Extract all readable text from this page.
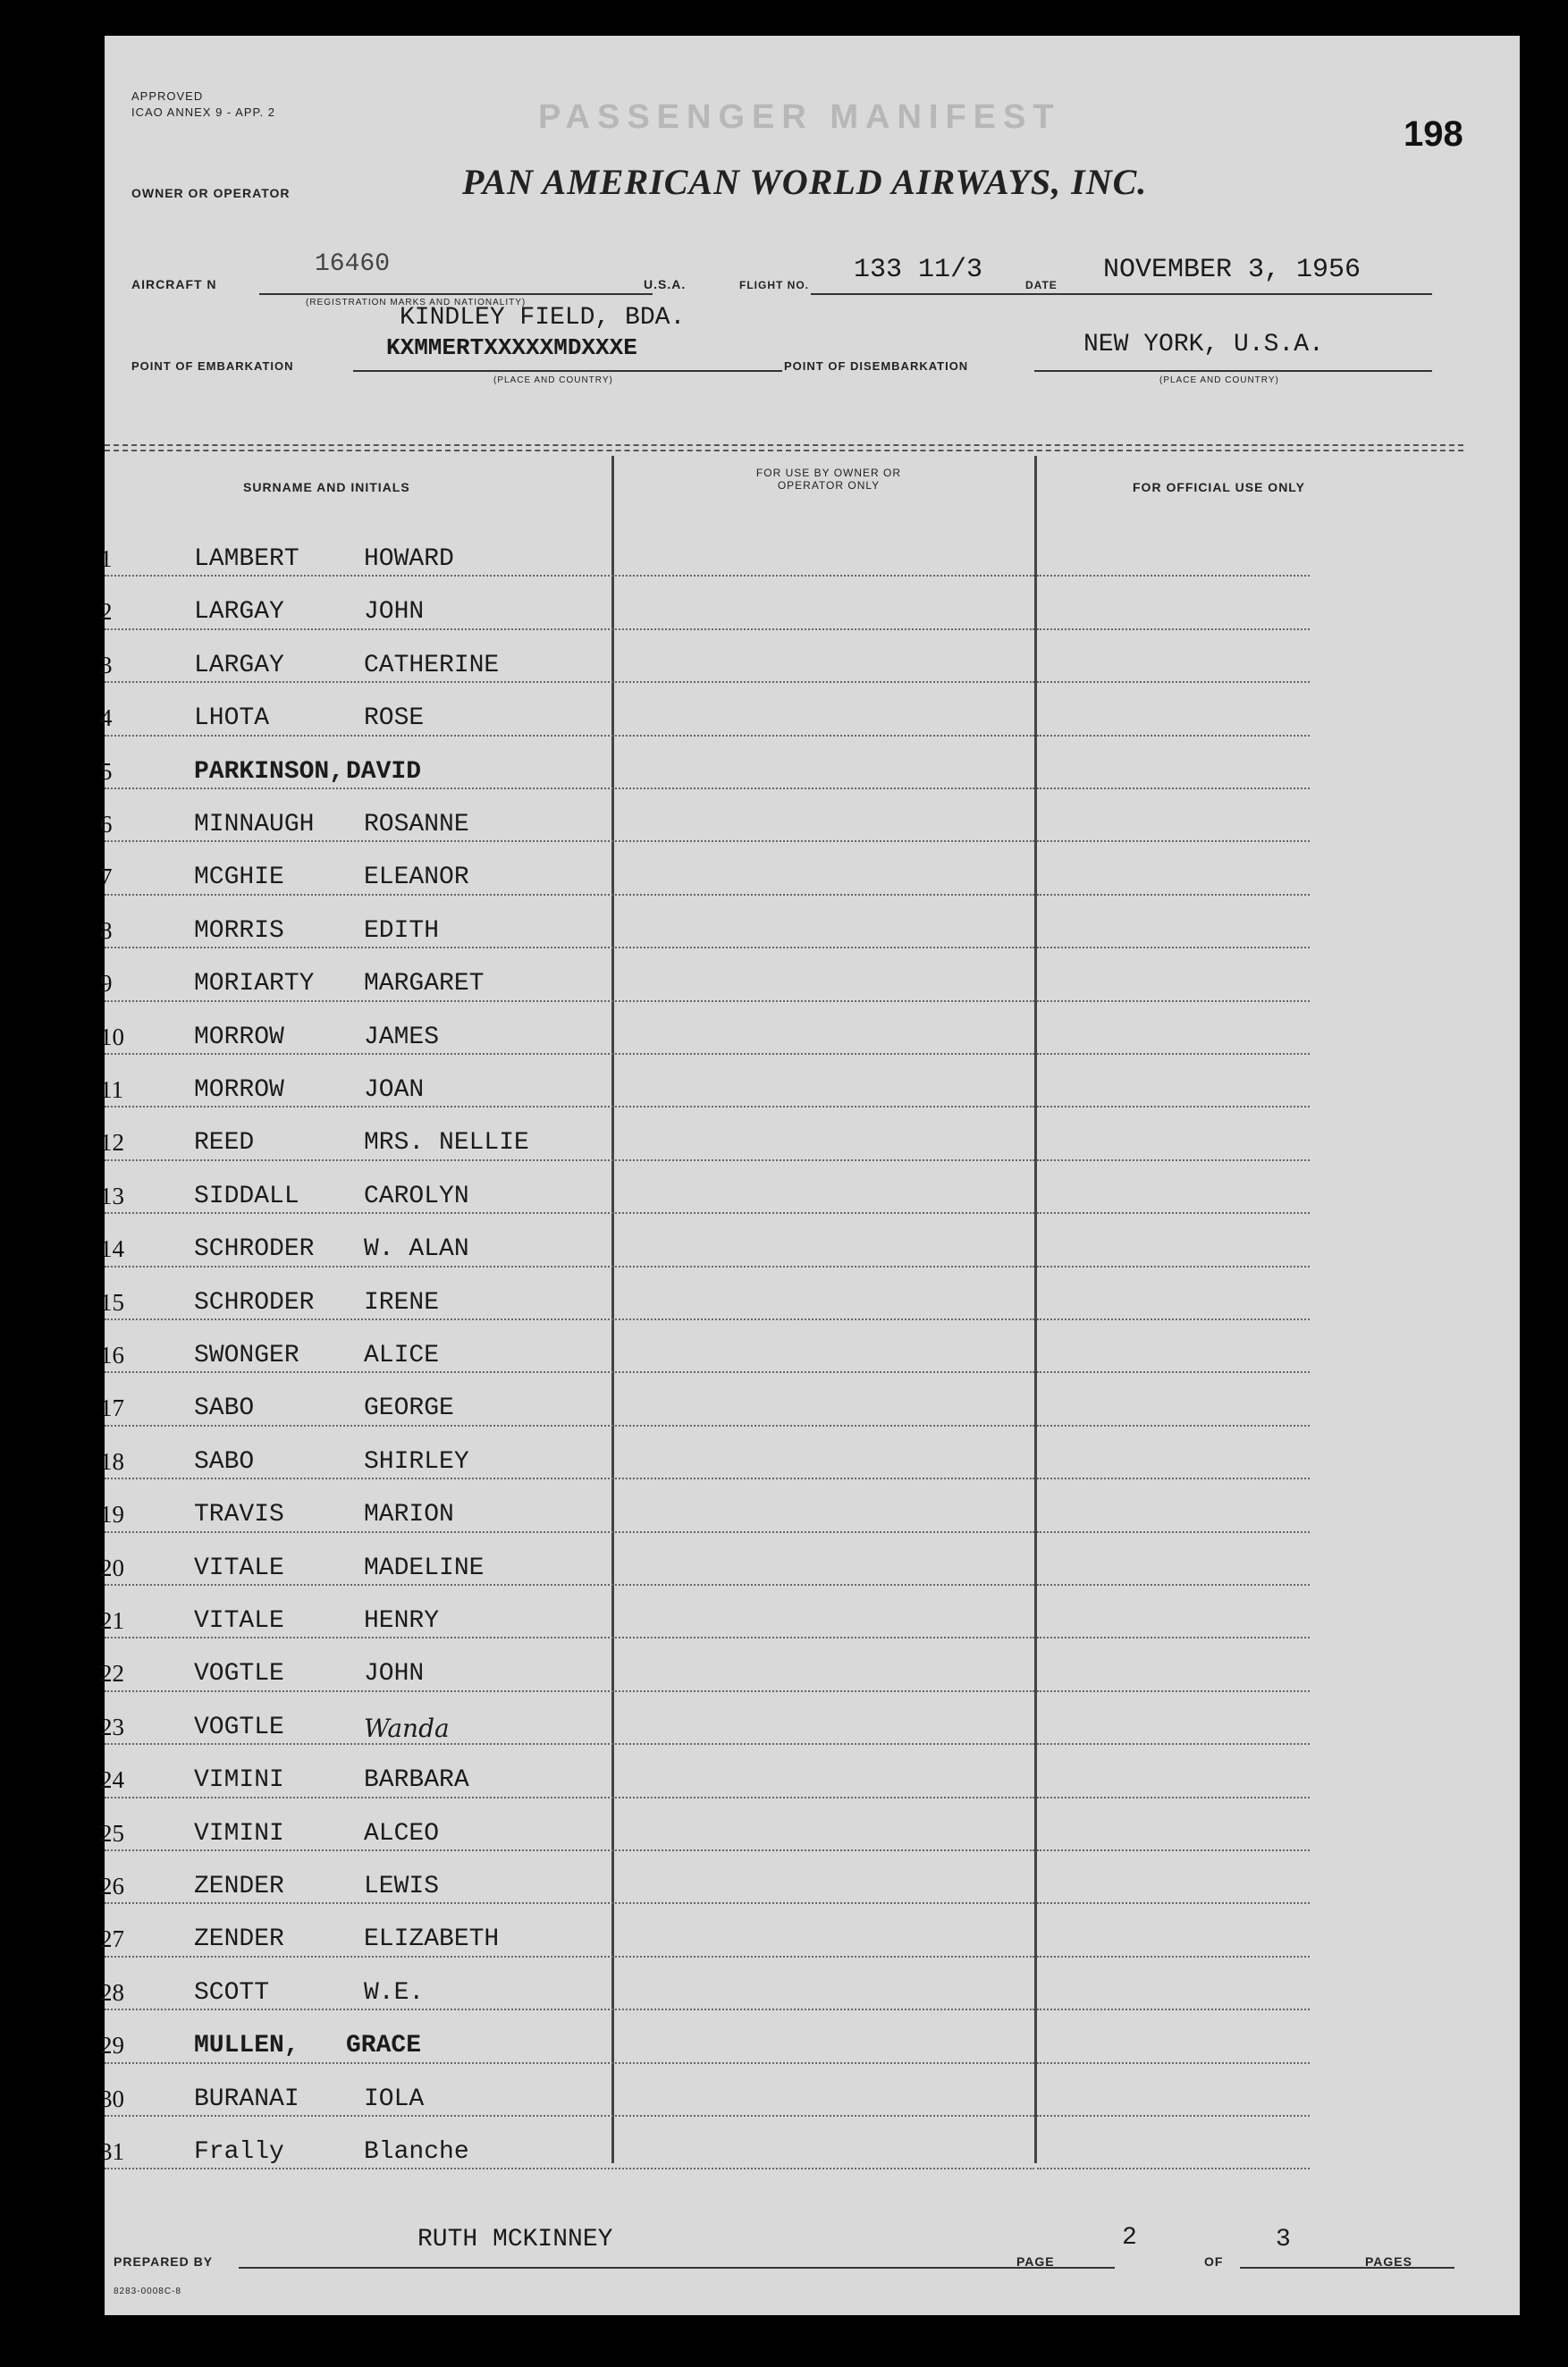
APPROVED
ICAO ANNEX 9 - APP. 2	PASSENGER MANIFEST	198
OWNER OR OPERATOR	PAN AMERICAN WORLD AIRWAYS, INC.
AIRCRAFT N
16460
(REGISTRATION MARKS AND NATIONALITY)
U.S.A.	FLIGHT NO. 133 11/3	DATE NOVEMBER 3, 1956
KINDLEY FIELD, BDA.
KXMMERTXXXXXMDXXXE
POINT OF EMBARKATION
(PLACE AND COUNTRY)
POINT OF DISEMBARKATION
NEW YORK, U.S.A.
(PLACE AND COUNTRY)
SURNAME AND INITIALS
FOR USE BY OWNER OR OPERATOR ONLY	FOR OFFICIAL USE ONLY
1	LAMBERT	HOWARD
2	LARGAY	JOHN
3	LARGAY	CATHERINE
4	LHOTA	ROSE
5	PARKINSON, DAVID
6	MINNAUGH ROSANNE
7	MCGHIE	ELEANOR
8	MORRIS	EDITH
9	MORIARTY MARGARET
10	MORROW	JAMES
11	MORROW	JOAN
12	REED	MRS. NELLIE
13	SIDDALL	CAROLYN
14	SCHRODER W. ALAN
15	SCHRODER IRENE
16	SWONGER	ALICE
17	SABO	GEORGE
18	SABO	SHIRLEY
19	TRAVIS	MARION
20	VITALE	MADELINE
21	VITALE	HENRY
22	VOGTLE	JOHN
23	VOGTLE	Wanda
24	VIMINI	BARBARA
25	VIMINI	ALCEO
26	ZENDER	LEWIS
27	ZENDER	ELIZABETH
28	SCOTT	W.E.
29	MULLEN, GRACE
30	BURANAI	IOLA
31	Frally	Blanche
PREPARED BY
RUTH MCKINNEY
PAGE
2
OF
3
PAGES
8283-0008C-8
